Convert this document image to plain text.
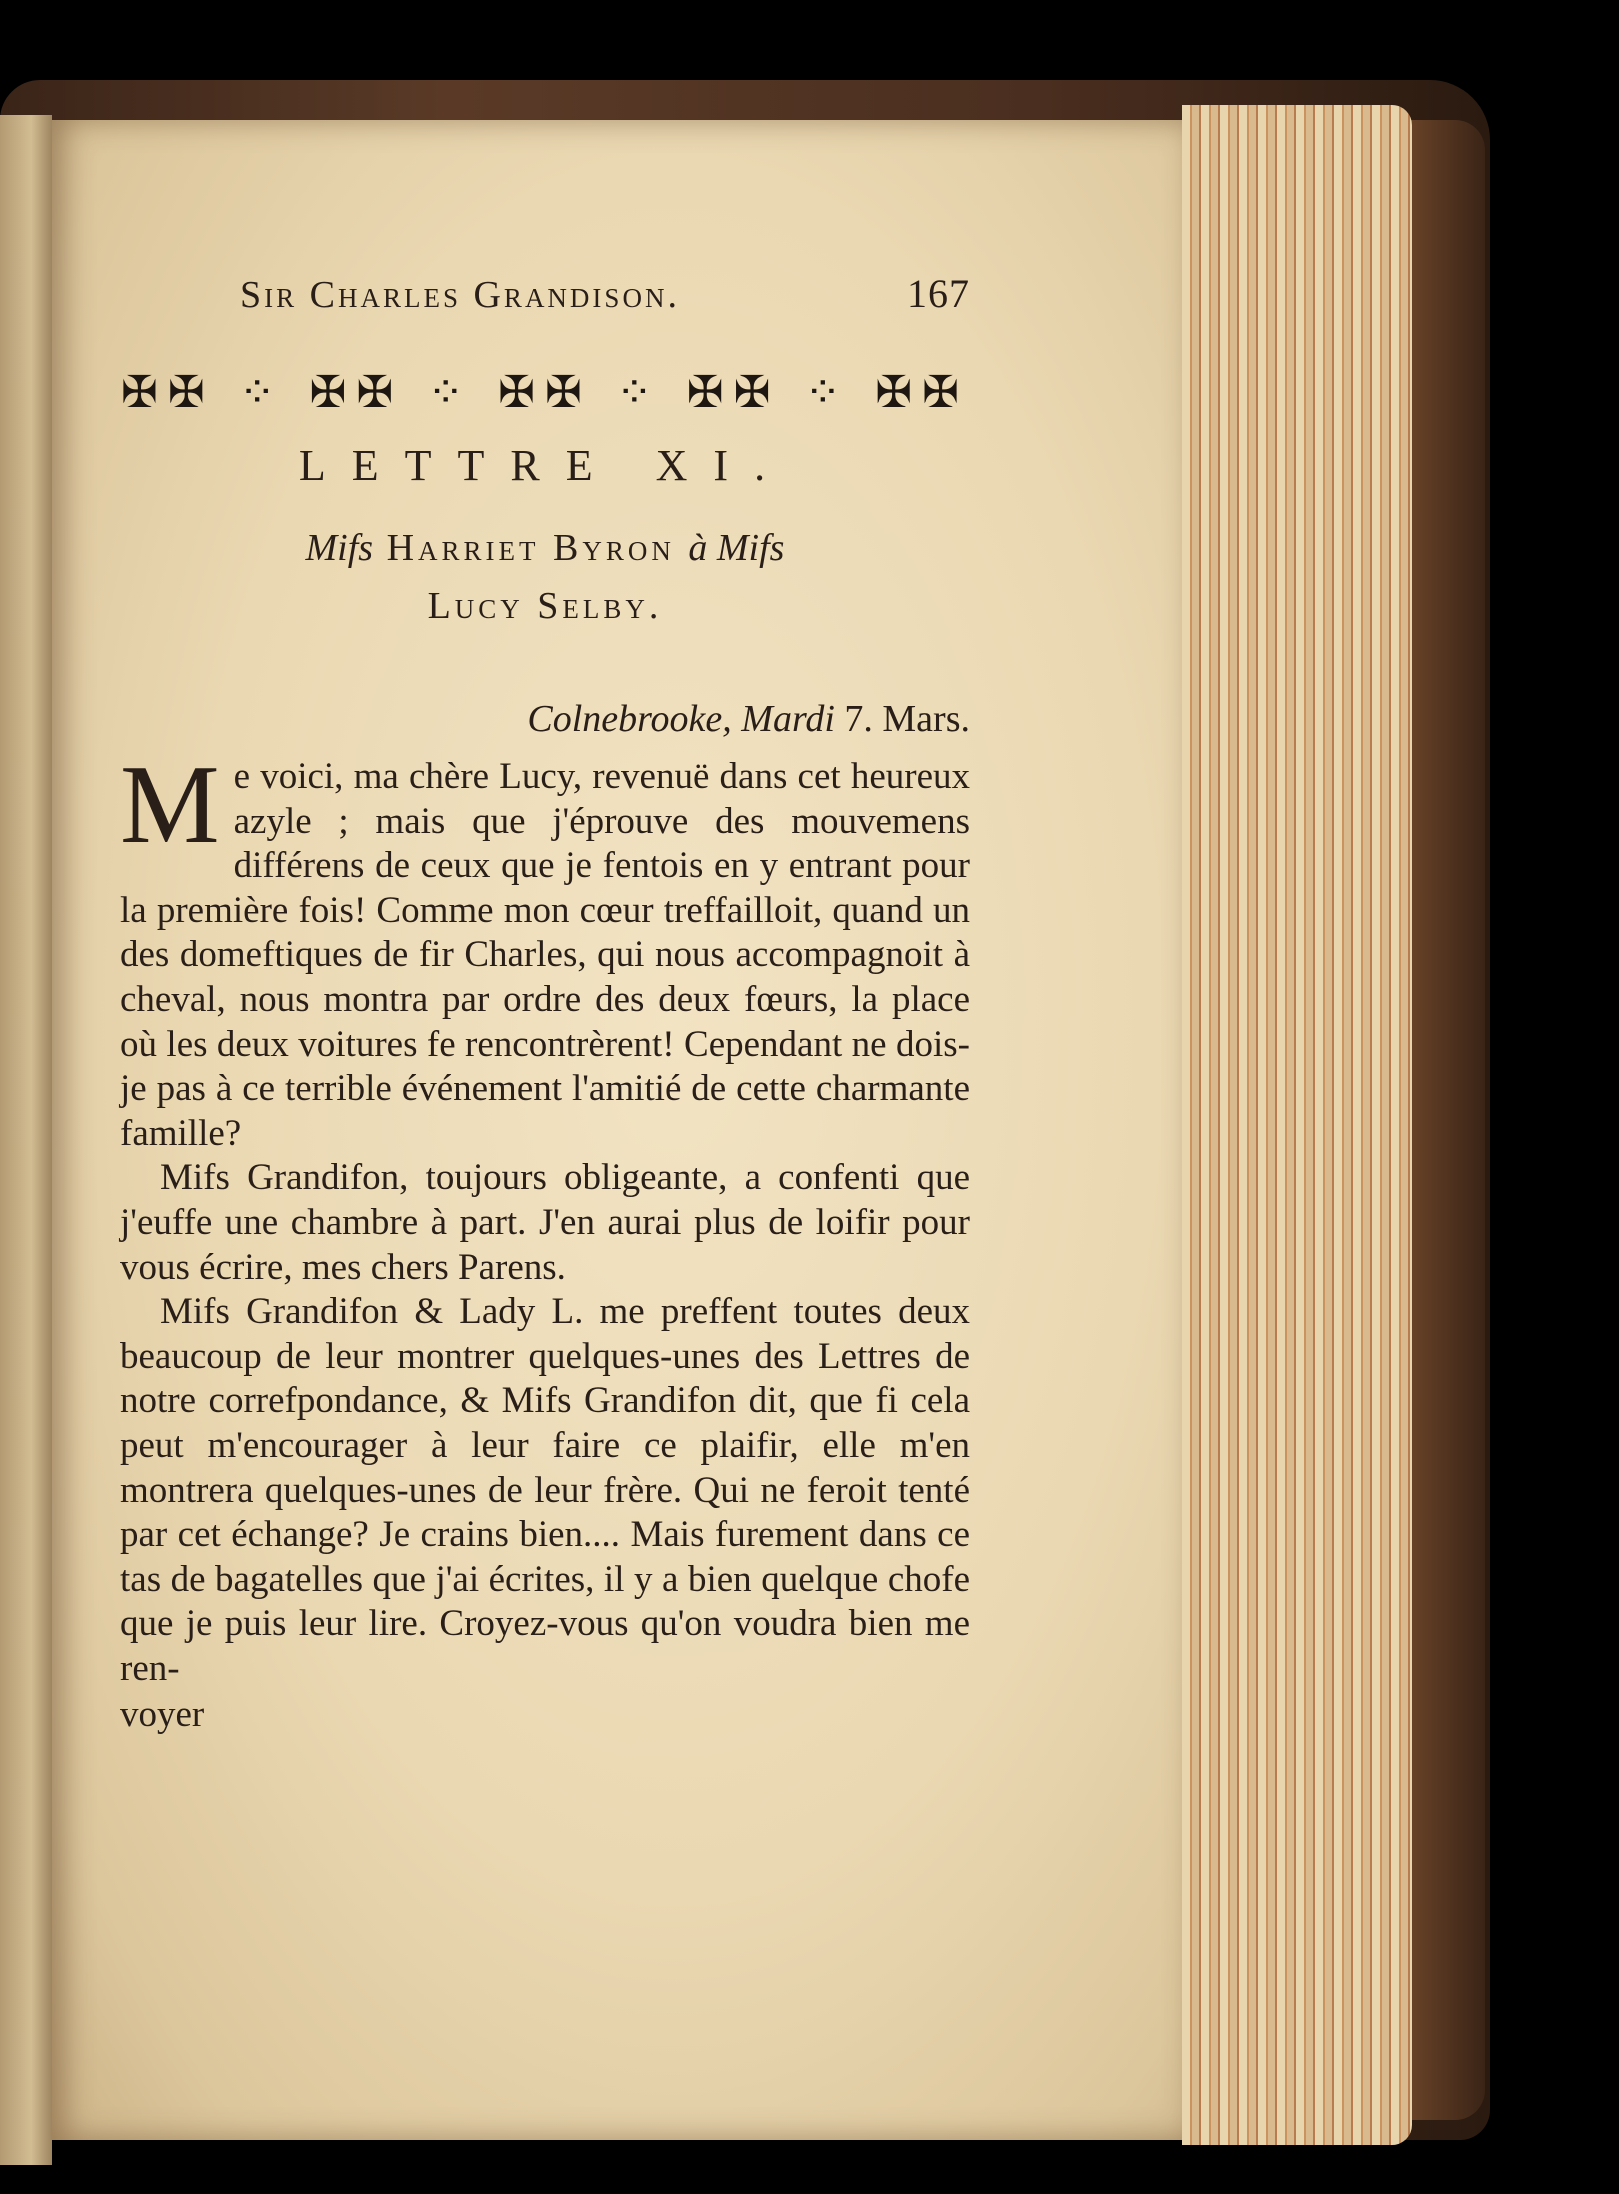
Sir Charles Grandison.	167
✠✠ ⁘ ✠✠ ⁘ ✠✠ ⁘ ✠✠ ⁘ ✠✠
LETTRE XI.
Mifs Harriet Byron à Mifs
Lucy Selby.
Colnebrooke, Mardi 7. Mars.

Me voici, ma chère Lucy, revenuë dans cet heureux azyle ; mais que j'éprouve des mouvemens différens de ceux que je fentois en y entrant pour la première fois! Comme mon cœur treffailloit, quand un des domeftiques de fir Charles, qui nous accompagnoit à cheval, nous montra par ordre des deux fœurs, la place où les deux voitures fe rencontrèrent! Cependant ne dois-je pas à ce terrible événement l'amitié de cette charmante famille?

Mifs Grandifon, toujours obligeante, a confenti que j'euffe une chambre à part. J'en aurai plus de loifir pour vous écrire, mes chers Parens.

Mifs Grandifon & Lady L. me preffent toutes deux beaucoup de leur montrer quelques-unes des Lettres de notre correfpondance, & Mifs Grandifon dit, que fi cela peut m'encourager à leur faire ce plaifir, elle m'en montrera quelques-unes de leur frère. Qui ne feroit tenté par cet échange? Je crains bien.... Mais furement dans ce tas de bagatelles que j'ai écrites, il y a bien quelque chofe que je puis leur lire. Croyez-vous qu'on voudra bien me ren-

voyer
